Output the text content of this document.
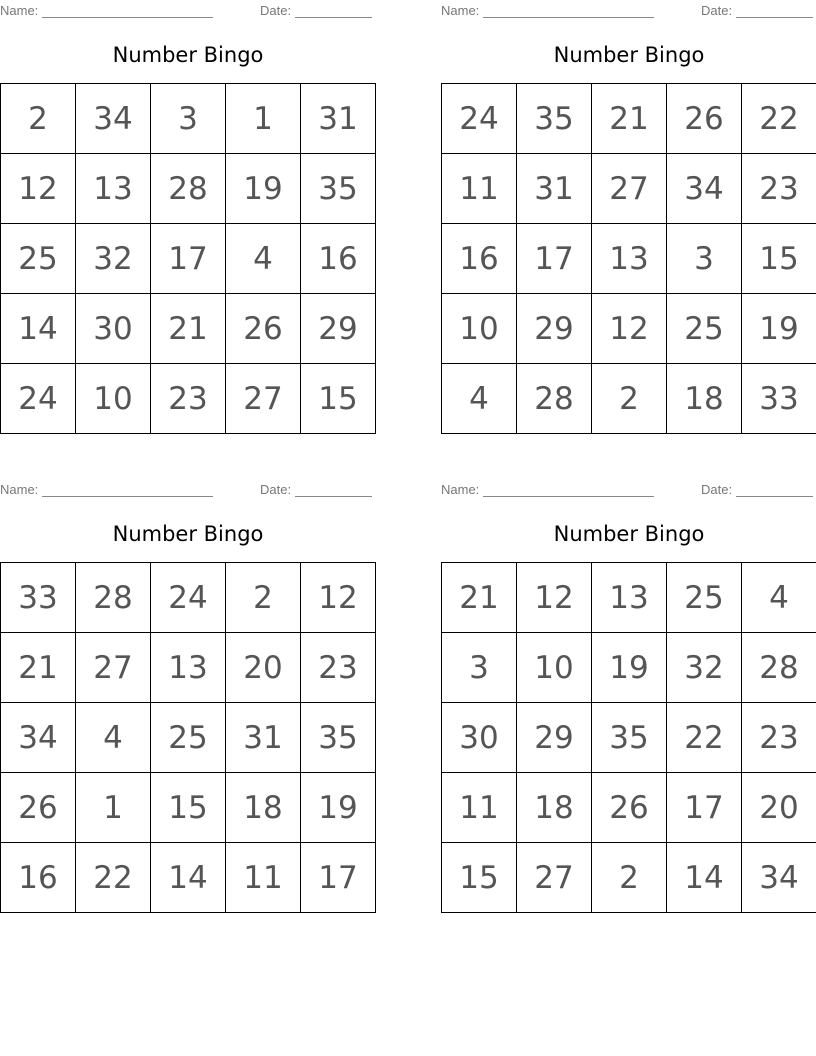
Name:	Date:
Number Bingo
2	34	3	1	31
12	13	28	19	35
25	32	17	4	16
14	30	21	26	29
24	10	23	27	15
Name:	Date:
Number Bingo
24	35	21	26	22
11	31	27	34	23
16	17	13	3	15
10	29	12	25	19
4	28	2	18	33
Name:	Date:
Number Bingo
33	28	24	2	12
21	27	13	20	23
34	4	25	31	35
26	1	15	18	19
16	22	14	11	17
Name:	Date:
Number Bingo
21	12	13	25	4
3	10	19	32	28
30	29	35	22	23
11	18	26	17	20
15	27	2	14	34
